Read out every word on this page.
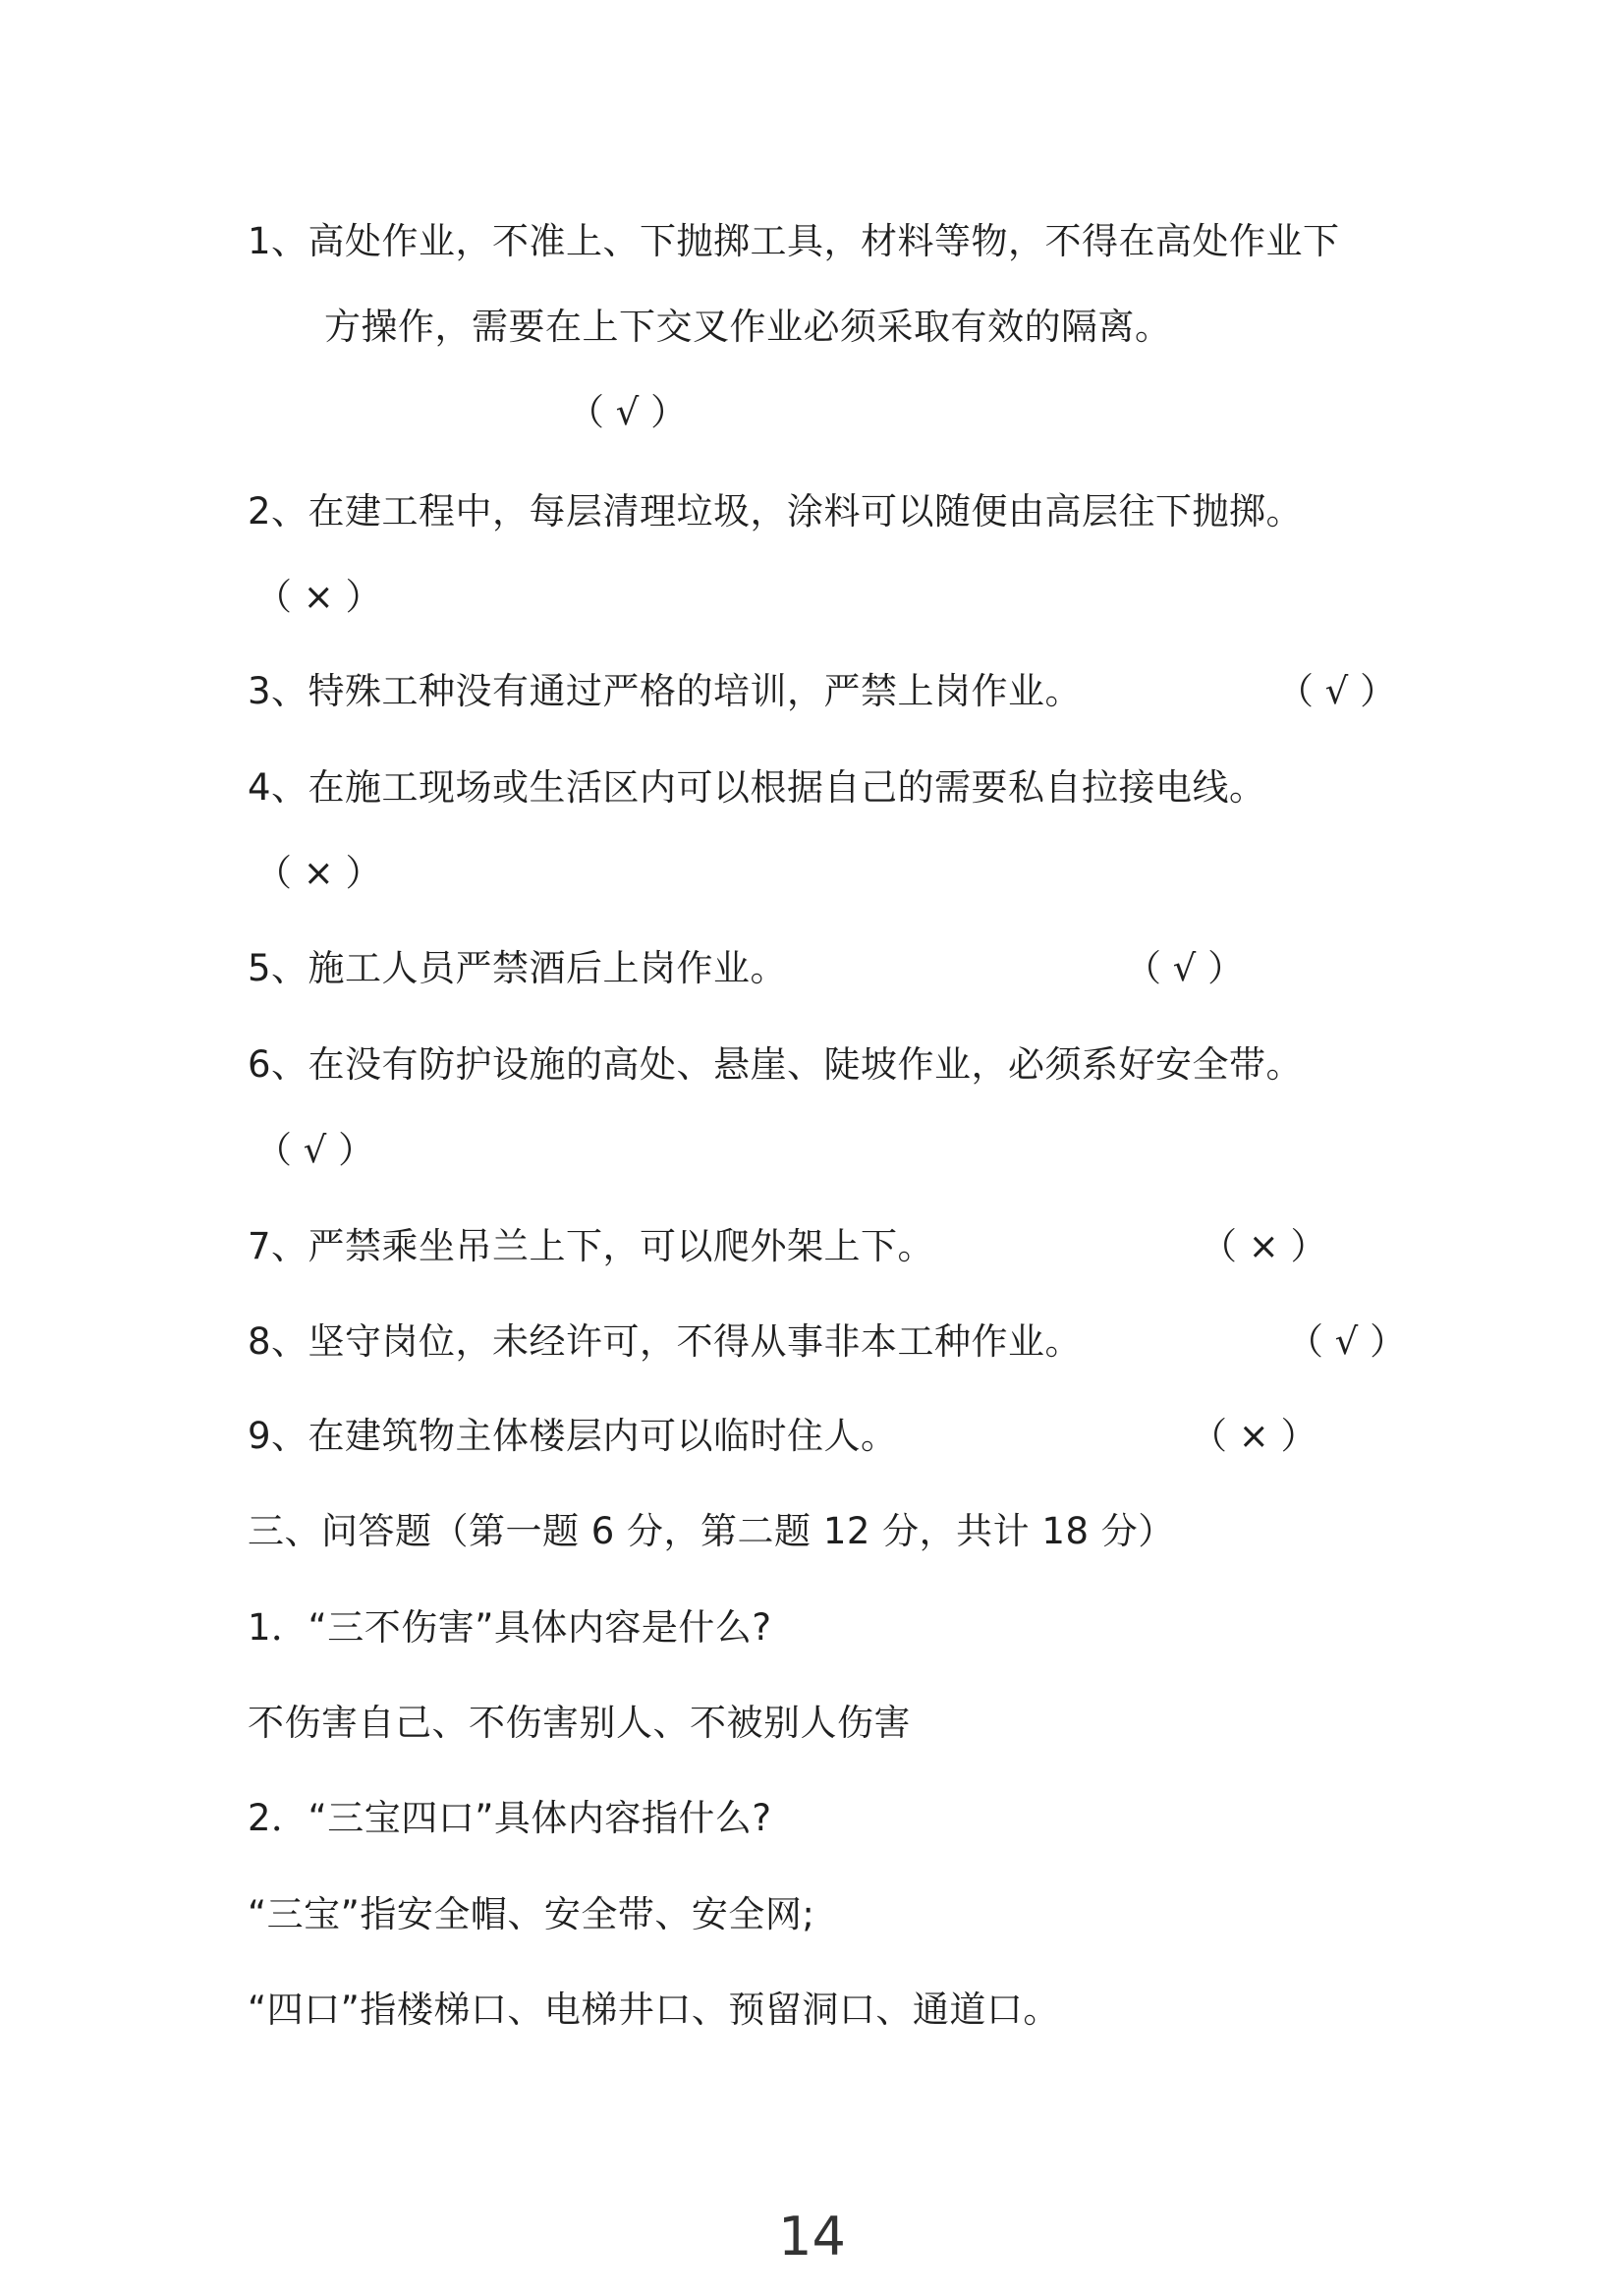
1、高处作业，不准上、下抛掷工具，材料等物，不得在高处作业下
方操作，需要在上下交叉作业必须采取有效的隔离。
（ √ ）
2、在建工程中，每层清理垃圾，涂料可以随便由高层往下抛掷。
（ × ）
3、特殊工种没有通过严格的培训，严禁上岗作业。	（ √ ）
4、在施工现场或生活区内可以根据自己的需要私自拉接电线。
（ × ）
5、施工人员严禁酒后上岗作业。	（ √ ）
6、在没有防护设施的高处、悬崖、陡坡作业，必须系好安全带。
（ √ ）
7、严禁乘坐吊兰上下，可以爬外架上下。	（ × ）
8、坚守岗位，未经许可，不得从事非本工种作业。	（ √ ）
9、在建筑物主体楼层内可以临时住人。	（ × ）
三、问答题（第一题 6 分，第二题 12 分，共计 18 分）
1．“三不伤害”具体内容是什么?
不伤害自己、不伤害别人、不被别人伤害
2．“三宝四口”具体内容指什么?
“三宝”指安全帽、安全带、安全网;
“四口”指楼梯口、电梯井口、预留洞口、通道口。
14
